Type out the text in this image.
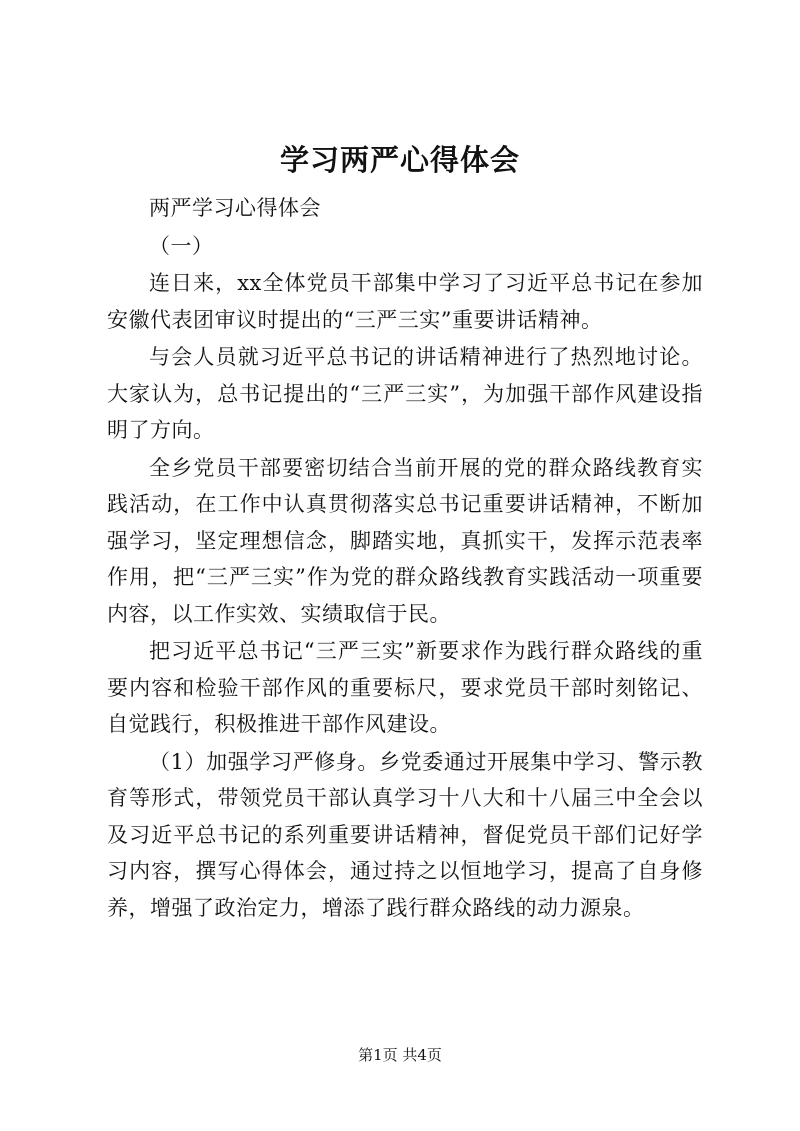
学习两严心得体会

两严学习心得体会

（一）

连日来，xx全体党员干部集中学习了习近平总书记在参加安徽代表团审议时提出的“三严三实”重要讲话精神。

与会人员就习近平总书记的讲话精神进行了热烈地讨论。大家认为，总书记提出的“三严三实”，为加强干部作风建设指明了方向。

全乡党员干部要密切结合当前开展的党的群众路线教育实践活动，在工作中认真贯彻落实总书记重要讲话精神，不断加强学习，坚定理想信念，脚踏实地，真抓实干，发挥示范表率作用，把“三严三实”作为党的群众路线教育实践活动一项重要内容，以工作实效、实绩取信于民。

把习近平总书记“三严三实”新要求作为践行群众路线的重要内容和检验干部作风的重要标尺，要求党员干部时刻铭记、自觉践行，积极推进干部作风建设。

（1）加强学习严修身。乡党委通过开展集中学习、警示教育等形式，带领党员干部认真学习十八大和十八届三中全会以及习近平总书记的系列重要讲话精神，督促党员干部们记好学习内容，撰写心得体会，通过持之以恒地学习，提高了自身修养，增强了政治定力，增添了践行群众路线的动力源泉。

第1页 共4页
